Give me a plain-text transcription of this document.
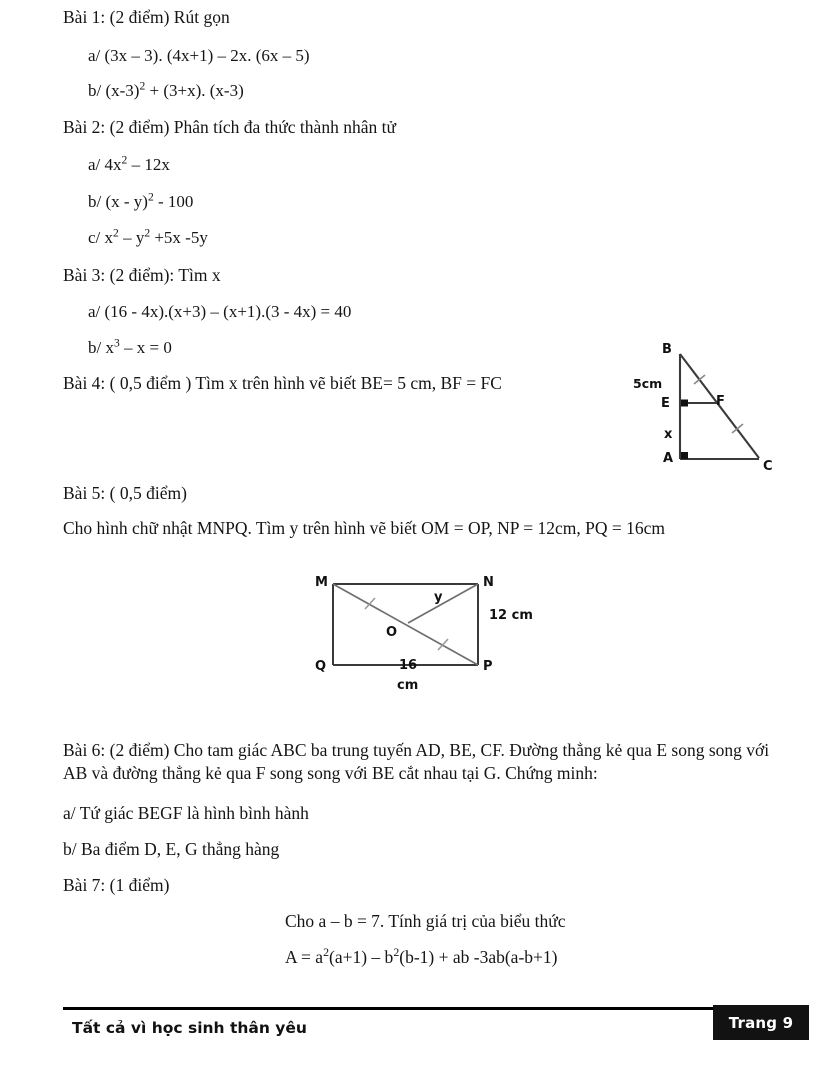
Bài 1: (2 điểm) Rút gọn
a/ (3x – 3). (4x+1) – 2x. (6x – 5)
b/ $(x-3)^2 + (3+x)$. (x-3)
Bài 2: (2 điểm) Phân tích đa thức thành nhân tử
a/ $4x^2 - 12x$
b/ (x - y)$^2$ - 100
c/ $x^2 - y^2 +5x$ -5y
Bài 3: (2 điểm): Tìm x
a/ (16 - 4x).(x+3) – (x+1).(3 - 4x) = 40
b/ $x^3 - x = 0$
Bài 4: ( 0,5 điểm ) Tìm x trên hình vẽ biết BE= 5 cm, BF = FC
B
5cm
E	F
x
A
C
Bài 5: ( 0,5 điểm)
Cho hình chữ nhật MNPQ. Tìm y trên hình vẽ biết OM = OP, NP = 12cm, PQ = 16cm
M	N
y
O
Q	P
12 cm
16
cm
Bài 6: (2 điểm) Cho tam giác ABC ba trung tuyến AD, BE, CF. Đường thẳng kẻ qua E song song với AB và đường thẳng kẻ qua F song song với BE cắt nhau tại G. Chứng minh:
a/ Tứ giác BEGF là hình bình hành
b/ Ba điểm D, E, G thẳng hàng
Bài 7: (1 điểm)
Cho a – b = 7. Tính giá trị của biểu thức
$A = a^2(a+1) - b^2(b-1)$ + ab -3ab(a-b+1)
Tất cả vì học sinh thân yêu	Trang 9
